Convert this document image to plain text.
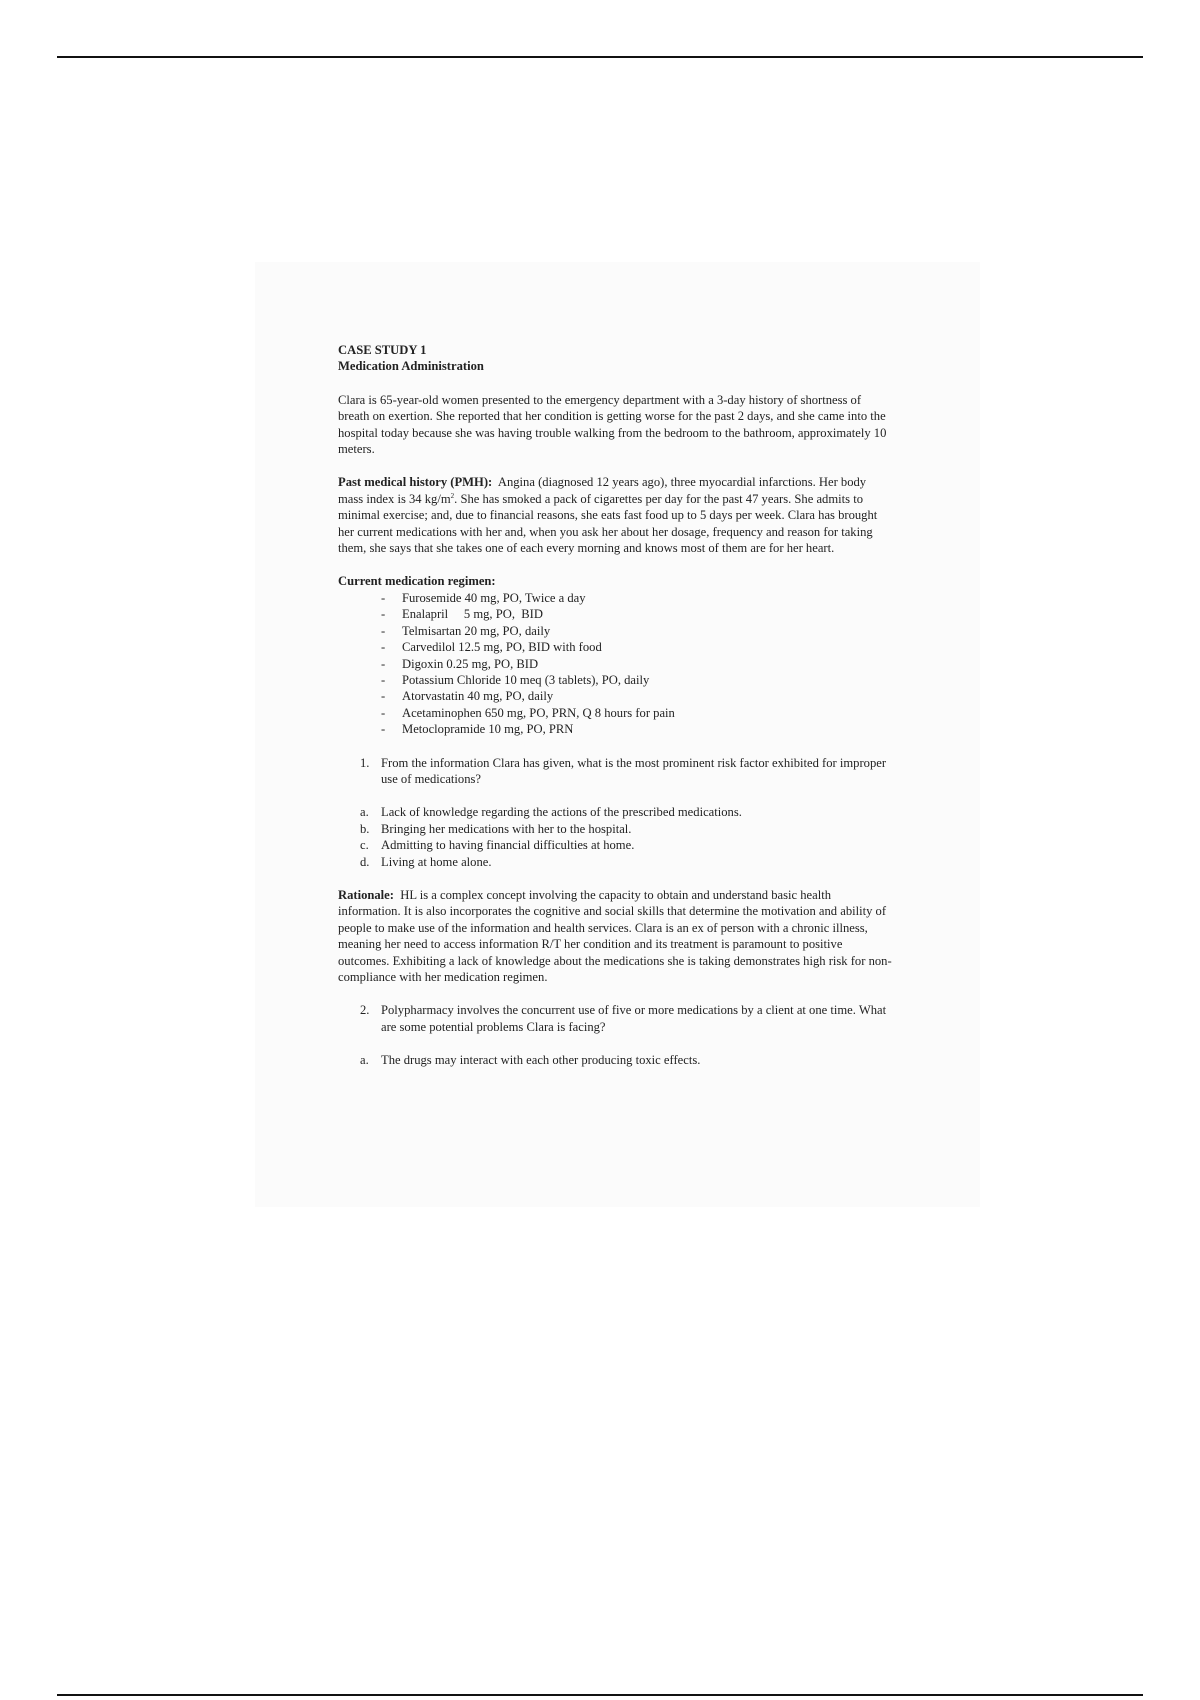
CASE STUDY 1

Medication Administration

Clara is 65-year-old women presented to the emergency department with a 3-day history of shortness of breath on exertion. She reported that her condition is getting worse for the past 2 days, and she came into the hospital today because she was having trouble walking from the bedroom to the bathroom, approximately 10 meters.

Past medical history (PMH): Angina (diagnosed 12 years ago), three myocardial infarctions. Her body mass index is 34 $kg/m^2$. She has smoked a pack of cigarettes per day for the past 47 years. She admits to minimal exercise; and, due to financial reasons, she eats fast food up to 5 days per week. Clara has brought her current medications with her and, when you ask her about her dosage, frequency and reason for taking them, she says that she takes one of each every morning and knows most of them are for her heart.

Current medication regimen:

- Furosemide 40 mg, PO, Twice a day
- Enalapril     5 mg, PO,  BID
- Telmisartan 20 mg, PO, daily
- Carvedilol 12.5 mg, PO, BID with food
- Digoxin 0.25 mg, PO, BID
- Potassium Chloride 10 meq (3 tablets), PO, daily
- Atorvastatin 40 mg, PO, daily
- Acetaminophen 650 mg, PO, PRN, Q 8 hours for pain
- Metoclopramide 10 mg, PO, PRN
1. From the information Clara has given, what is the most prominent risk factor exhibited for improper use of medications?
a. Lack of knowledge regarding the actions of the prescribed medications.
b. Bringing her medications with her to the hospital.
c. Admitting to having financial difficulties at home.
d. Living at home alone.

Rationale: HL is a complex concept involving the capacity to obtain and understand basic health information. It is also incorporates the cognitive and social skills that determine the motivation and ability of people to make use of the information and health services. Clara is an ex of person with a chronic illness, meaning her need to access information R/T her condition and its treatment is paramount to positive outcomes. Exhibiting a lack of knowledge about the medications she is taking demonstrates high risk for non-compliance with her medication regimen.

2. Polypharmacy involves the concurrent use of five or more medications by a client at one time. What are some potential problems Clara is facing?
a. The drugs may interact with each other producing toxic effects.
